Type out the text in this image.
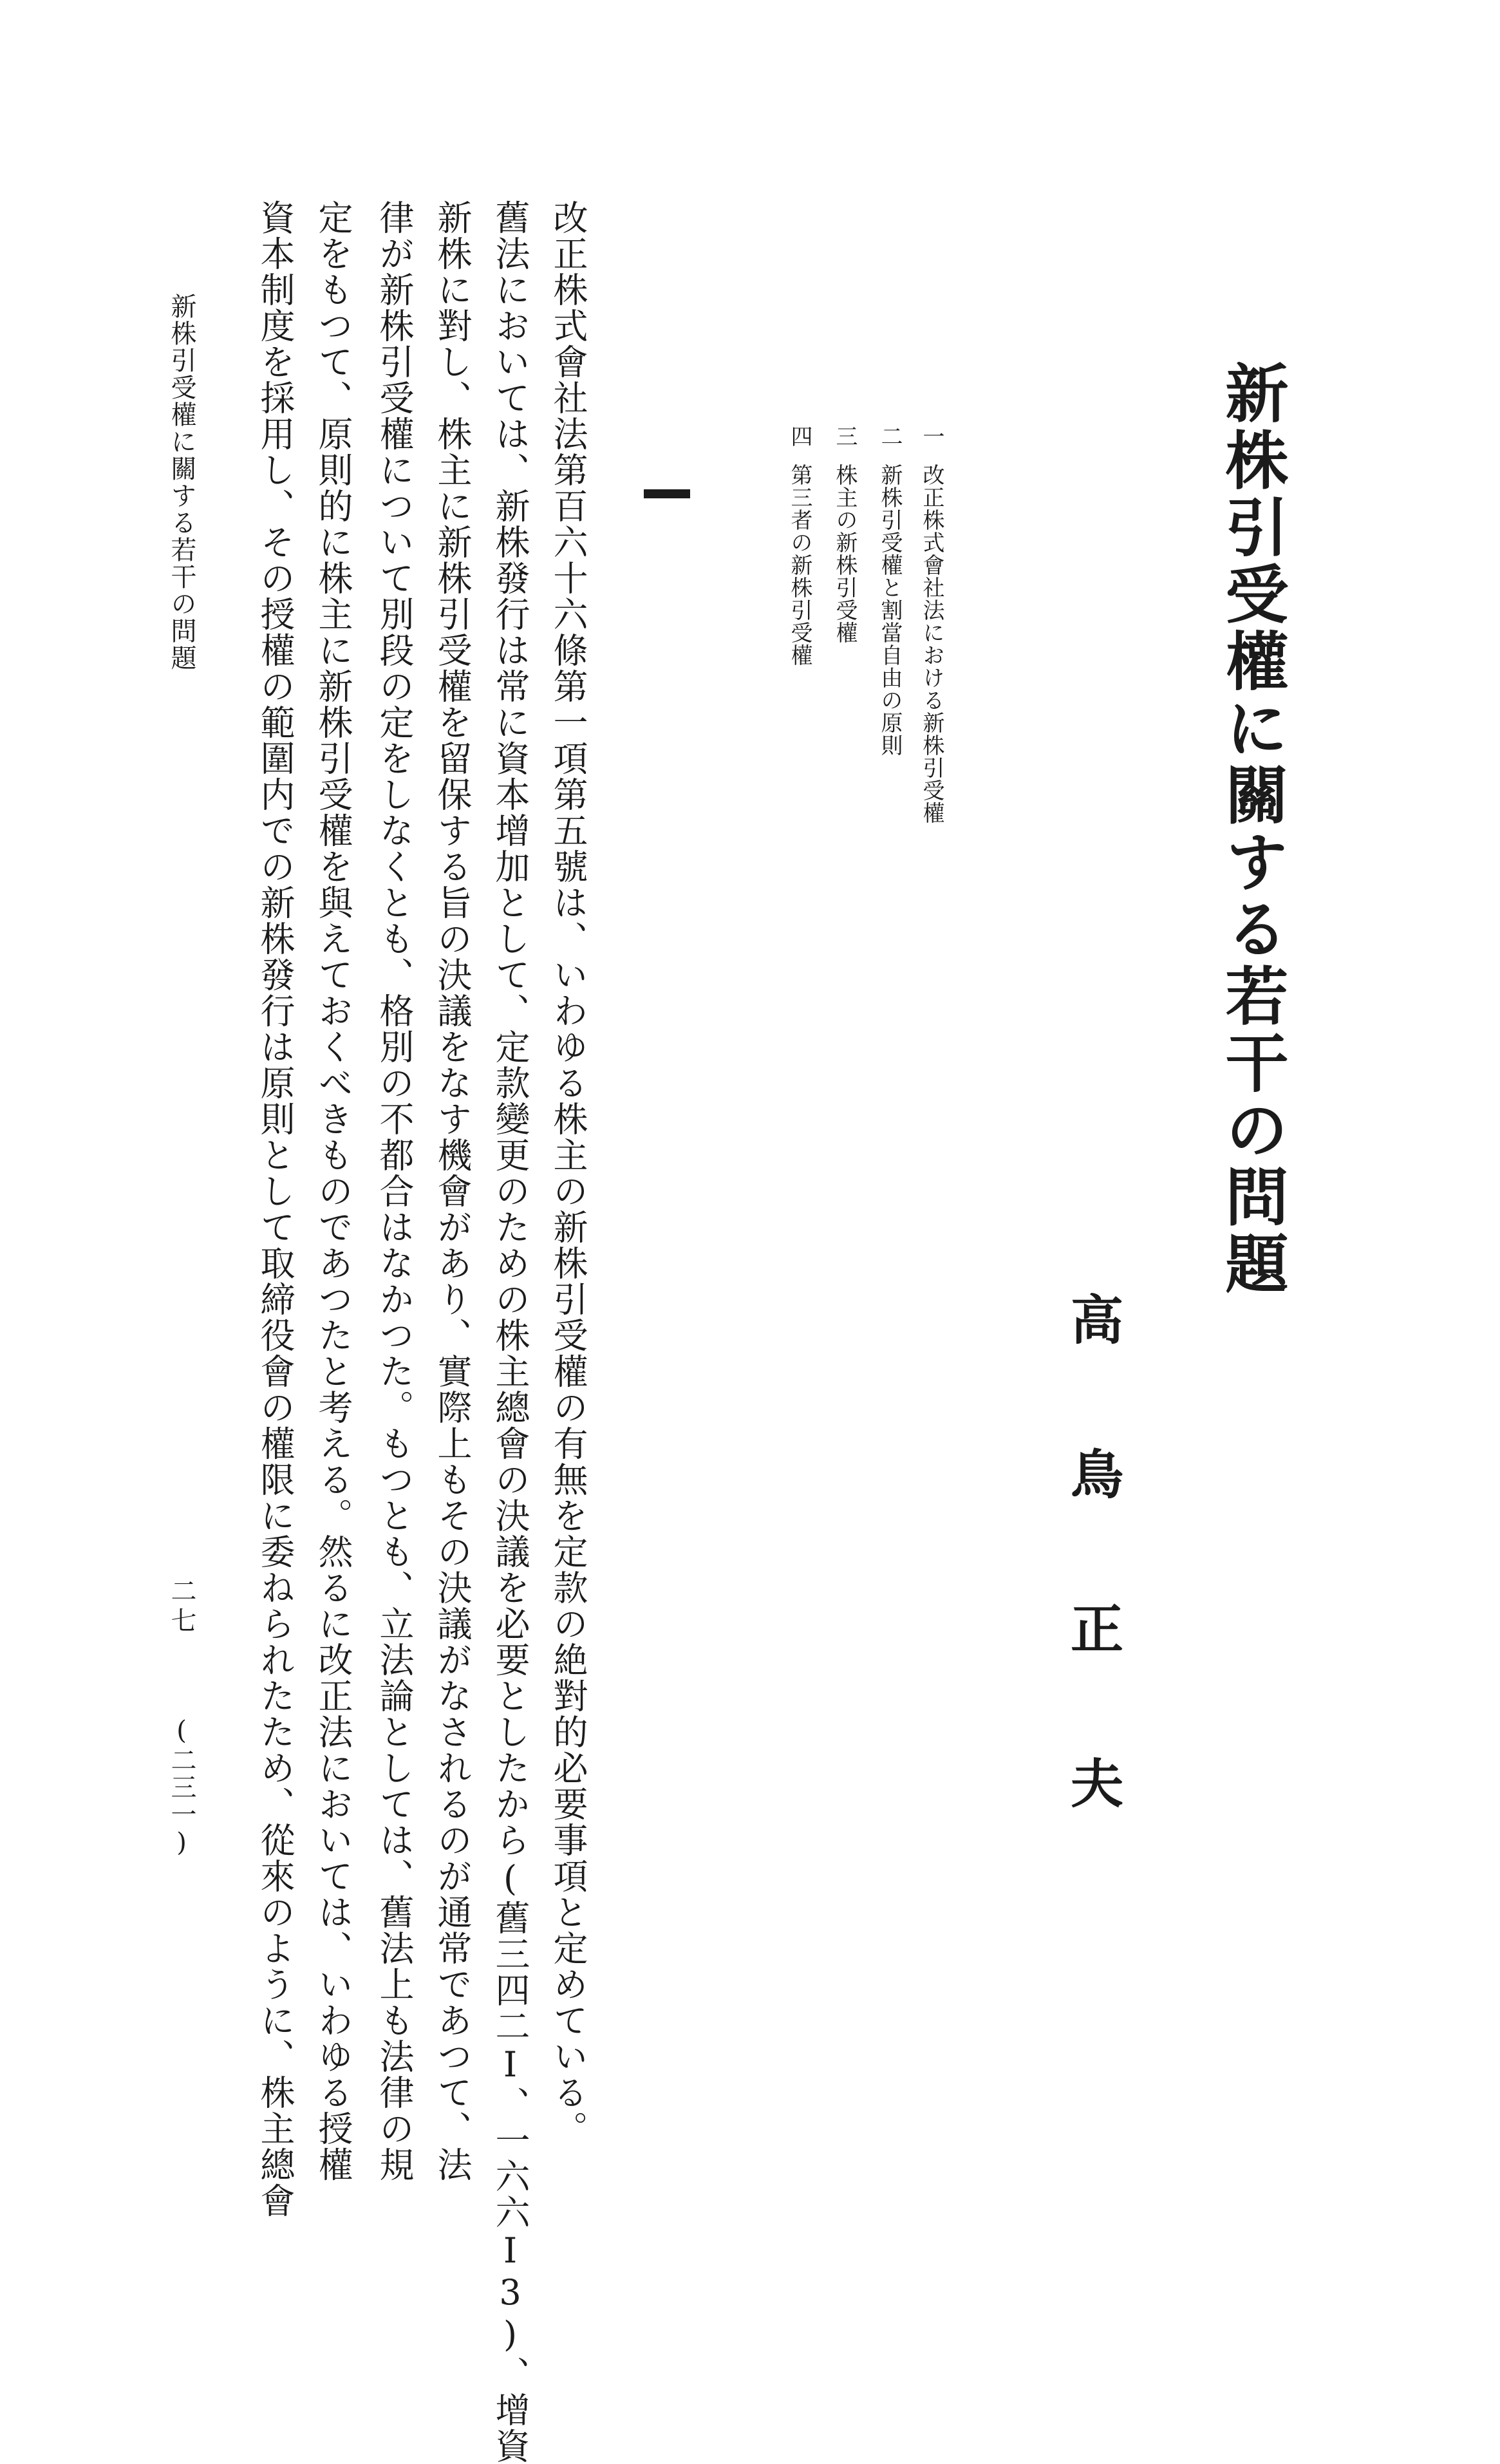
新株引受權に關する若干の問題
高
鳥
正
夫
一
改正株式會社法における新株引受權
二
新株引受權と割當自由の原則
三
株主の新株引受權
四
第三者の新株引受權
改正株式會社法第百六十六條第一項第五號は、いわゆる株主の新株引受權の有無を定款の絶對的必要事項と定めている。
舊法においては、新株發行は常に資本增加として、定款變更のための株主總會の決議を必要としたから(舊三四二I、一六六I3)、增資
新株に對し、株主に新株引受權を留保する旨の決議をなす機會があり、實際上もその決議がなされるのが通常であつて、法
律が新株引受權について別段の定をしなくとも、格別の不都合はなかつた。もつとも、立法論としては、舊法上も法律の規
定をもつて、原則的に株主に新株引受權を與えておくべきものであつたと考える。然るに改正法においては、いわゆる授權
資本制度を採用し、その授權の範圍内での新株發行は原則として取締役會の權限に委ねられたため、從來のように、株主總會
新株引受權に關する若干の問題
二七
(二三一)
